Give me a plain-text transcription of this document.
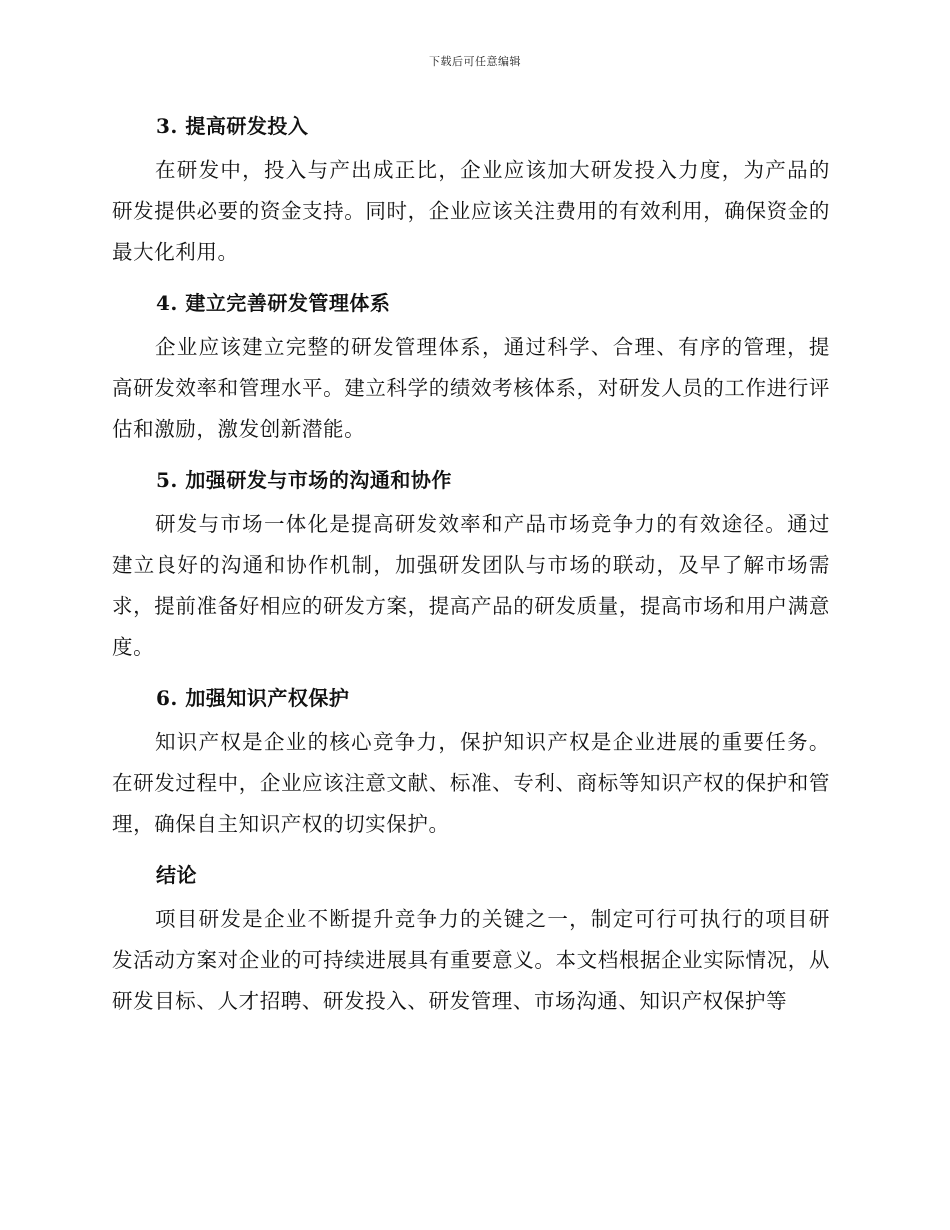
下载后可任意编辑
3. 提高研发投入

在研发中，投入与产出成正比，企业应该加大研发投入力度，为产品的研发提供必要的资金支持。同时，企业应该关注费用的有效利用，确保资金的最大化利用。

4. 建立完善研发管理体系

企业应该建立完整的研发管理体系，通过科学、合理、有序的管理，提高研发效率和管理水平。建立科学的绩效考核体系，对研发人员的工作进行评估和激励，激发创新潜能。

5. 加强研发与市场的沟通和协作

研发与市场一体化是提高研发效率和产品市场竞争力的有效途径。通过建立良好的沟通和协作机制，加强研发团队与市场的联动，及早了解市场需求，提前准备好相应的研发方案，提高产品的研发质量，提高市场和用户满意度。

6. 加强知识产权保护

知识产权是企业的核心竞争力，保护知识产权是企业进展的重要任务。在研发过程中，企业应该注意文献、标准、专利、商标等知识产权的保护和管理，确保自主知识产权的切实保护。

结论

项目研发是企业不断提升竞争力的关键之一，制定可行可执行的项目研发活动方案对企业的可持续进展具有重要意义。本文档根据企业实际情况，从研发目标、人才招聘、研发投入、研发管理、市场沟通、知识产权保护等
